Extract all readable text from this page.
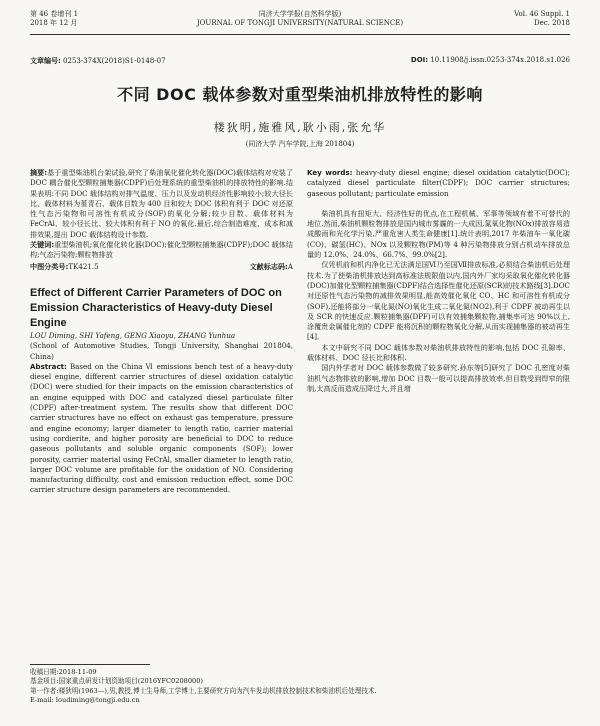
第 46 卷增刊 1
2018 年 12 月
同济大学学报(自然科学版)
JOURNAL OF TONGJI UNIVERSITY(NATURAL SCIENCE)
Vol. 46 Suppl. 1
Dec. 2018
文章编号: 0253-374X(2018)S1-0148-07	DOI: 10.11908/j.issn.0253-374x.2018.s1.026
不同 DOC 载体参数对重型柴油机排放特性的影响
楼狄明,施雅风,耿小雨,张允华
(同济大学 汽车学院,上海 201804)

摘要:基于重型柴油机台架试验,研究了柴油氧化催化转化器(DOC)载体结构对安装了 DOC 耦合催化型颗粒捕集器(CDPF)后处理系统的重型柴油机的排放特性的影响.结果表明:不同 DOC 载体结构对排气温度、压力以及发动机经济性影响较小;较大径长比、载体材料为堇青石、载体目数为 400 目和较大 DOC 体积有利于 DOC 对还原性气态污染物和可溶性有机成分(SOF)的氧化分解;较少目数、载体材料为 FeCrAl、较小径长比、较大体积有利于 NO 的氧化.最后,综合制造难度、成本和减排效果,提出 DOC 载体结构设计参数.

关键词:重型柴油机;氧化催化转化器(DOC);催化型颗粒捕集器(CDPF);DOC 载体结构;气态污染物;颗粒物排放

中图分类号:TK421.5	文献标志码:A
Effect of Different Carrier Parameters of DOC on Emission Characteristics of Heavy-duty Diesel Engine

LOU Diming, SHI Yafeng, GENG Xiaoyu, ZHANG Yunhua

(School of Automotive Studies, Tongji University, Shanghai 201804, China)

Abstract: Based on the China Ⅵ emissions bench test of a heavy-duty diesel engine, different carrier structures of diesel oxidation catalytic (DOC) were studied for their impacts on the emission characteristics of an engine equipped with DOC and catalyzed diesel particulate filter (CDPF) after-treatment system. The results show that different DOC carrier structures have no effect on exhaust gas temperature, pressure and engine economy; larger diameter to length ratio, carrier material using cordierite, and higher porosity are beneficial to DOC to reduce gaseous pollutants and soluble organic components (SOF); lower porosity, carrier material using FeCrAl, smaller diameter to length ratio, larger DOC volume are profitable for the oxidation of NO. Considering manufacturing difficulty, cost and emission reduction effect, some DOC carrier structure design parameters are recommended.

Key words: heavy-duty diesel engine; diesel oxidation catalytic(DOC); catalyzed diesel particulate filter(CDPF); DOC carrier structures; gaseous pollutant; particulate emission

柴油机具有扭矩大、经济性好的优点,在工程机械、军事等领域有着不可替代的地位.然而,柴油机颗粒物排放是国内城市雾霾的一大成因,氮氧化物(NOx)排放容易造成酸雨和光化学污染,严重危害人类生命健康[1].统计表明,2017 年柴油车一氧化碳(CO)、碳氢(HC)、NOx 以及颗粒物(PM)等 4 种污染物排放分别占机动车排放总量的 12.0%、24.0%、66.7%、99.0%[2].

仅凭机前和机内净化已无法满足国Ⅵ乃至国Ⅶ排放标准,必须结合柴油机后处理技术.为了使柴油机排放达到高标准法规限值以内,国内外厂家均采取氧化催化转化器(DOC)加催化型颗粒捕集器(CDPF)结合选择性催化还原(SCR)的技术路线[3].DOC 对还原性气态污染物的减排效果明显,能高效催化氧化 CO、HC 和可溶性有机成分(SOF),还能将部分一氧化氮(NO)氧化生成二氧化氮(NO2),利于 CDPF 被动再生以及 SCR 的快速反应.颗粒捕集器(DPF)可以有效捕集颗粒物,捕集率可达 90%以上,涂覆贵金属催化剂的 CDPF 能将沉积的颗粒物氧化分解,从而实现捕集器的被动再生[4].

本文中研究不同 DOC 载体参数对柴油机排放特性的影响,包括 DOC 孔隙率、载体材料、DOC 径长比和体积.

国内外学者对 DOC 载体参数做了较多研究.孙东等[5]研究了 DOC 孔密度对柴油机气态物排放的影响,增加 DOC 目数一般可以提高排放效率,但目数受到焊窄的限制,太高反而造成压降过大,并且增

收稿日期:2018-11-09
基金项目:国家重点研发计划资助项目(2016YFC0208000)
第一作者:楼狄明(1963—),男,教授,博士生导师,工学博士,主要研究方向为汽车发动机排放控制技术和柴油机后处理技术.
E-mail: loudiming@tongji.edu.cn
